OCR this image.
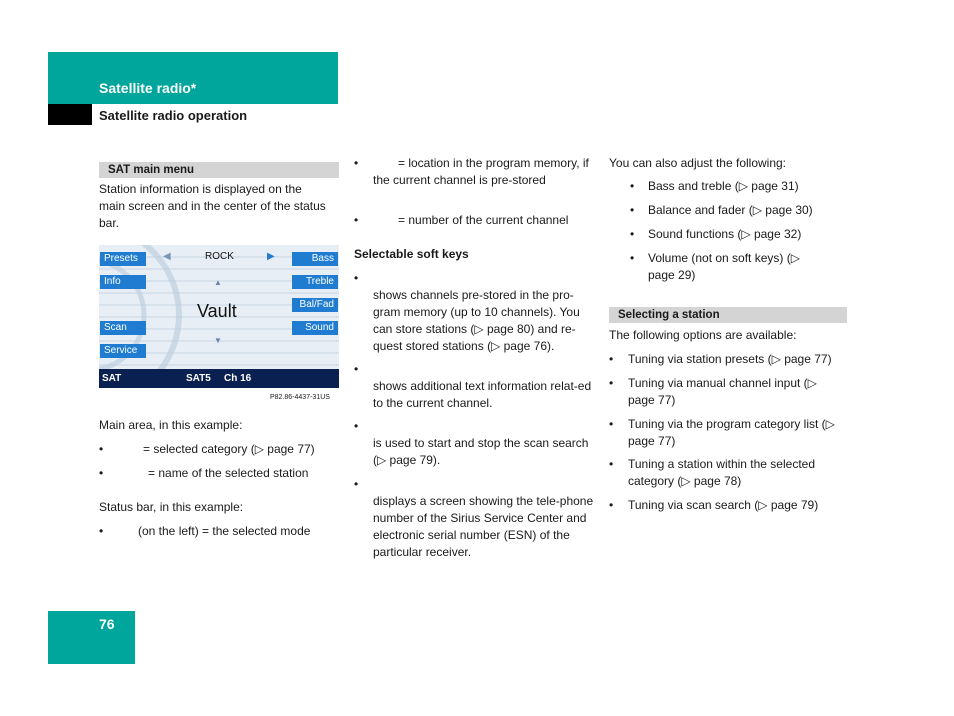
Satellite radio*
Satellite radio operation
SAT main menu

Station information is displayed on the main screen and in the center of the status bar.

Presets
Info
Scan
Service
Bass
Treble
Bal/Fad
Sound
◀	▶
ROCK
▲
Vault
▼
SAT	SAT5 Ch 16
P82.86-4437-31US

Main area, in this example:

•	= selected category (▷ page 77)
•	= name of the selected station

Status bar, in this example:

•	(on the left) = the selected mode
•	= location in the program memory, if the current channel is pre-stored
•	= number of the current channel
Selectable soft keys
•
shows channels pre-stored in the pro-gram memory (up to 10 channels). You can store stations (▷ page 80) and re-quest stored stations (▷ page 76).
•
shows additional text information relat-ed to the current channel.
•
is used to start and stop the scan search (▷ page 79).
•
displays a screen showing the tele-phone number of the Sirius Service Center and electronic serial number (ESN) of the particular receiver.

You can also adjust the following:

• Bass and treble (▷ page 31)
• Balance and fader (▷ page 30)
• Sound functions (▷ page 32)
• Volume (not on soft keys) (▷ page 29)
Selecting a station

The following options are available:

• Tuning via station presets (▷ page 77)
• Tuning via manual channel input (▷ page 77)
• Tuning via the program category list (▷ page 77)
• Tuning a station within the selected category (▷ page 78)
• Tuning via scan search (▷ page 79)
76
